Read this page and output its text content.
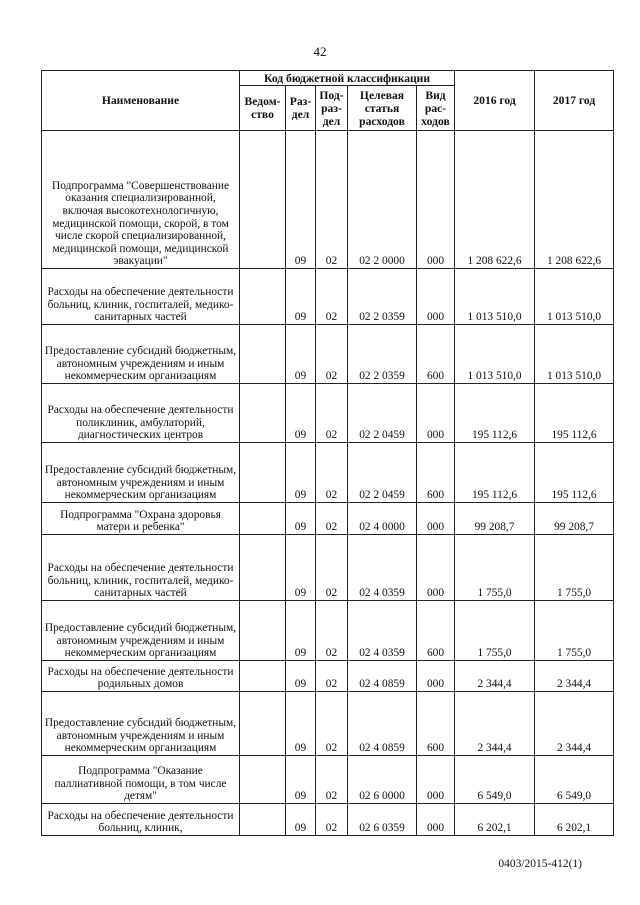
42
Наименование	Код бюджетной классификации					2016 год	2017 год
	Ведом-ство	Раз-дел	Под-раз-дел	Целевая статья расходов	Вид рас-ходов		
Подпрограмма "Совершенствование оказания специализированной, включая высокотехнологичную, медицинской помощи, скорой, в том числе скорой специализированной, медицинской помощи, медицинской эвакуации"		09	02	02 2 0000	000	1 208 622,6	1 208 622,6
Расходы на обеспечение деятельности больниц, клиник, госпиталей, медико-санитарных частей		09	02	02 2 0359	000	1 013 510,0	1 013 510,0
Предоставление субсидий бюджетным, автономным учреждениям и иным некоммерческим организациям		09	02	02 2 0359	600	1 013 510,0	1 013 510,0
Расходы на обеспечение деятельности поликлиник, амбулаторий, диагностических центров		09	02	02 2 0459	000	195 112,6	195 112,6
Предоставление субсидий бюджетным, автономным учреждениям и иным некоммерческим организациям		09	02	02 2 0459	600	195 112,6	195 112,6
Подпрограмма "Охрана здоровья матери и ребенка"		09	02	02 4 0000	000	99 208,7	99 208,7
Расходы на обеспечение деятельности больниц, клиник, госпиталей, медико-санитарных частей		09	02	02 4 0359	000	1 755,0	1 755,0
Предоставление субсидий бюджетным, автономным учреждениям и иным некоммерческим организациям		09	02	02 4 0359	600	1 755,0	1 755,0
Расходы на обеспечение деятельности родильных домов		09	02	02 4 0859	000	2 344,4	2 344,4
Предоставление субсидий бюджетным, автономным учреждениям и иным некоммерческим организациям		09	02	02 4 0859	600	2 344,4	2 344,4
Подпрограмма "Оказание паллиативной помощи, в том числе детям"		09	02	02 6 0000	000	6 549,0	6 549,0
Расходы на обеспечение деятельности больниц, клиник,		09	02	02 6 0359	000	6 202,1	6 202,1
0403/2015-412(1)
